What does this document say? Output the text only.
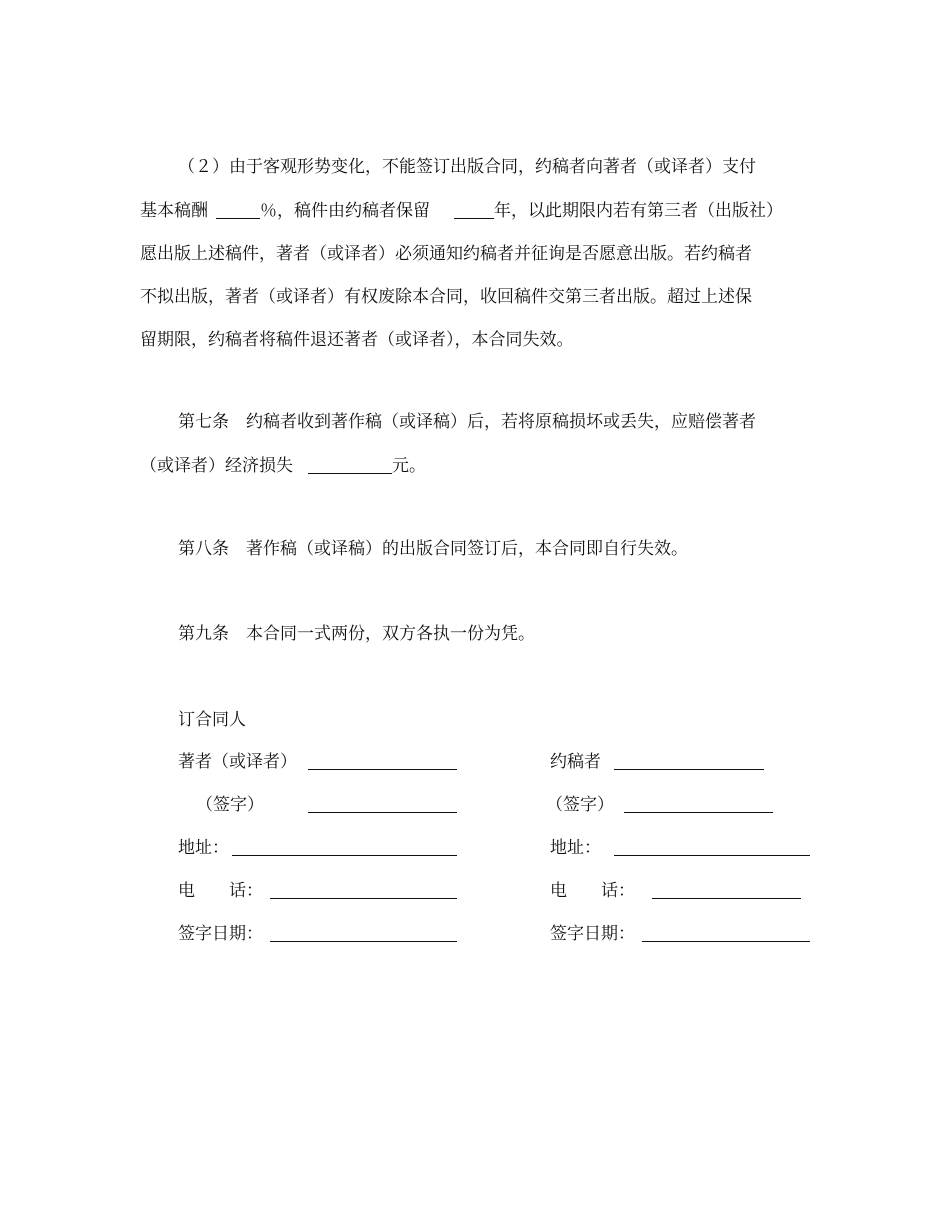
（２）由于客观形势变化，不能签订出版合同，约稿者向著者（或译者）支付
基本稿酬	％，稿件由约稿者保留	年，以此期限内若有第三者（出版社）
愿出版上述稿件，著者（或译者）必须通知约稿者并征询是否愿意出版。若约稿者
不拟出版，著者（或译者）有权废除本合同，收回稿件交第三者出版。超过上述保
留期限，约稿者将稿件退还著者（或译者），本合同失效。
第七条　约稿者收到著作稿（或译稿）后，若将原稿损坏或丢失，应赔偿著者
（或译者）经济损失	元。
第八条　著作稿（或译稿）的出版合同签订后，本合同即自行失效。
第九条　本合同一式两份，双方各执一份为凭。
订合同人
著者（或译者）	约稿者
（签字）	（签字）
地址：	地址：
电　　话：	电　　话：
签字日期：	签字日期：
